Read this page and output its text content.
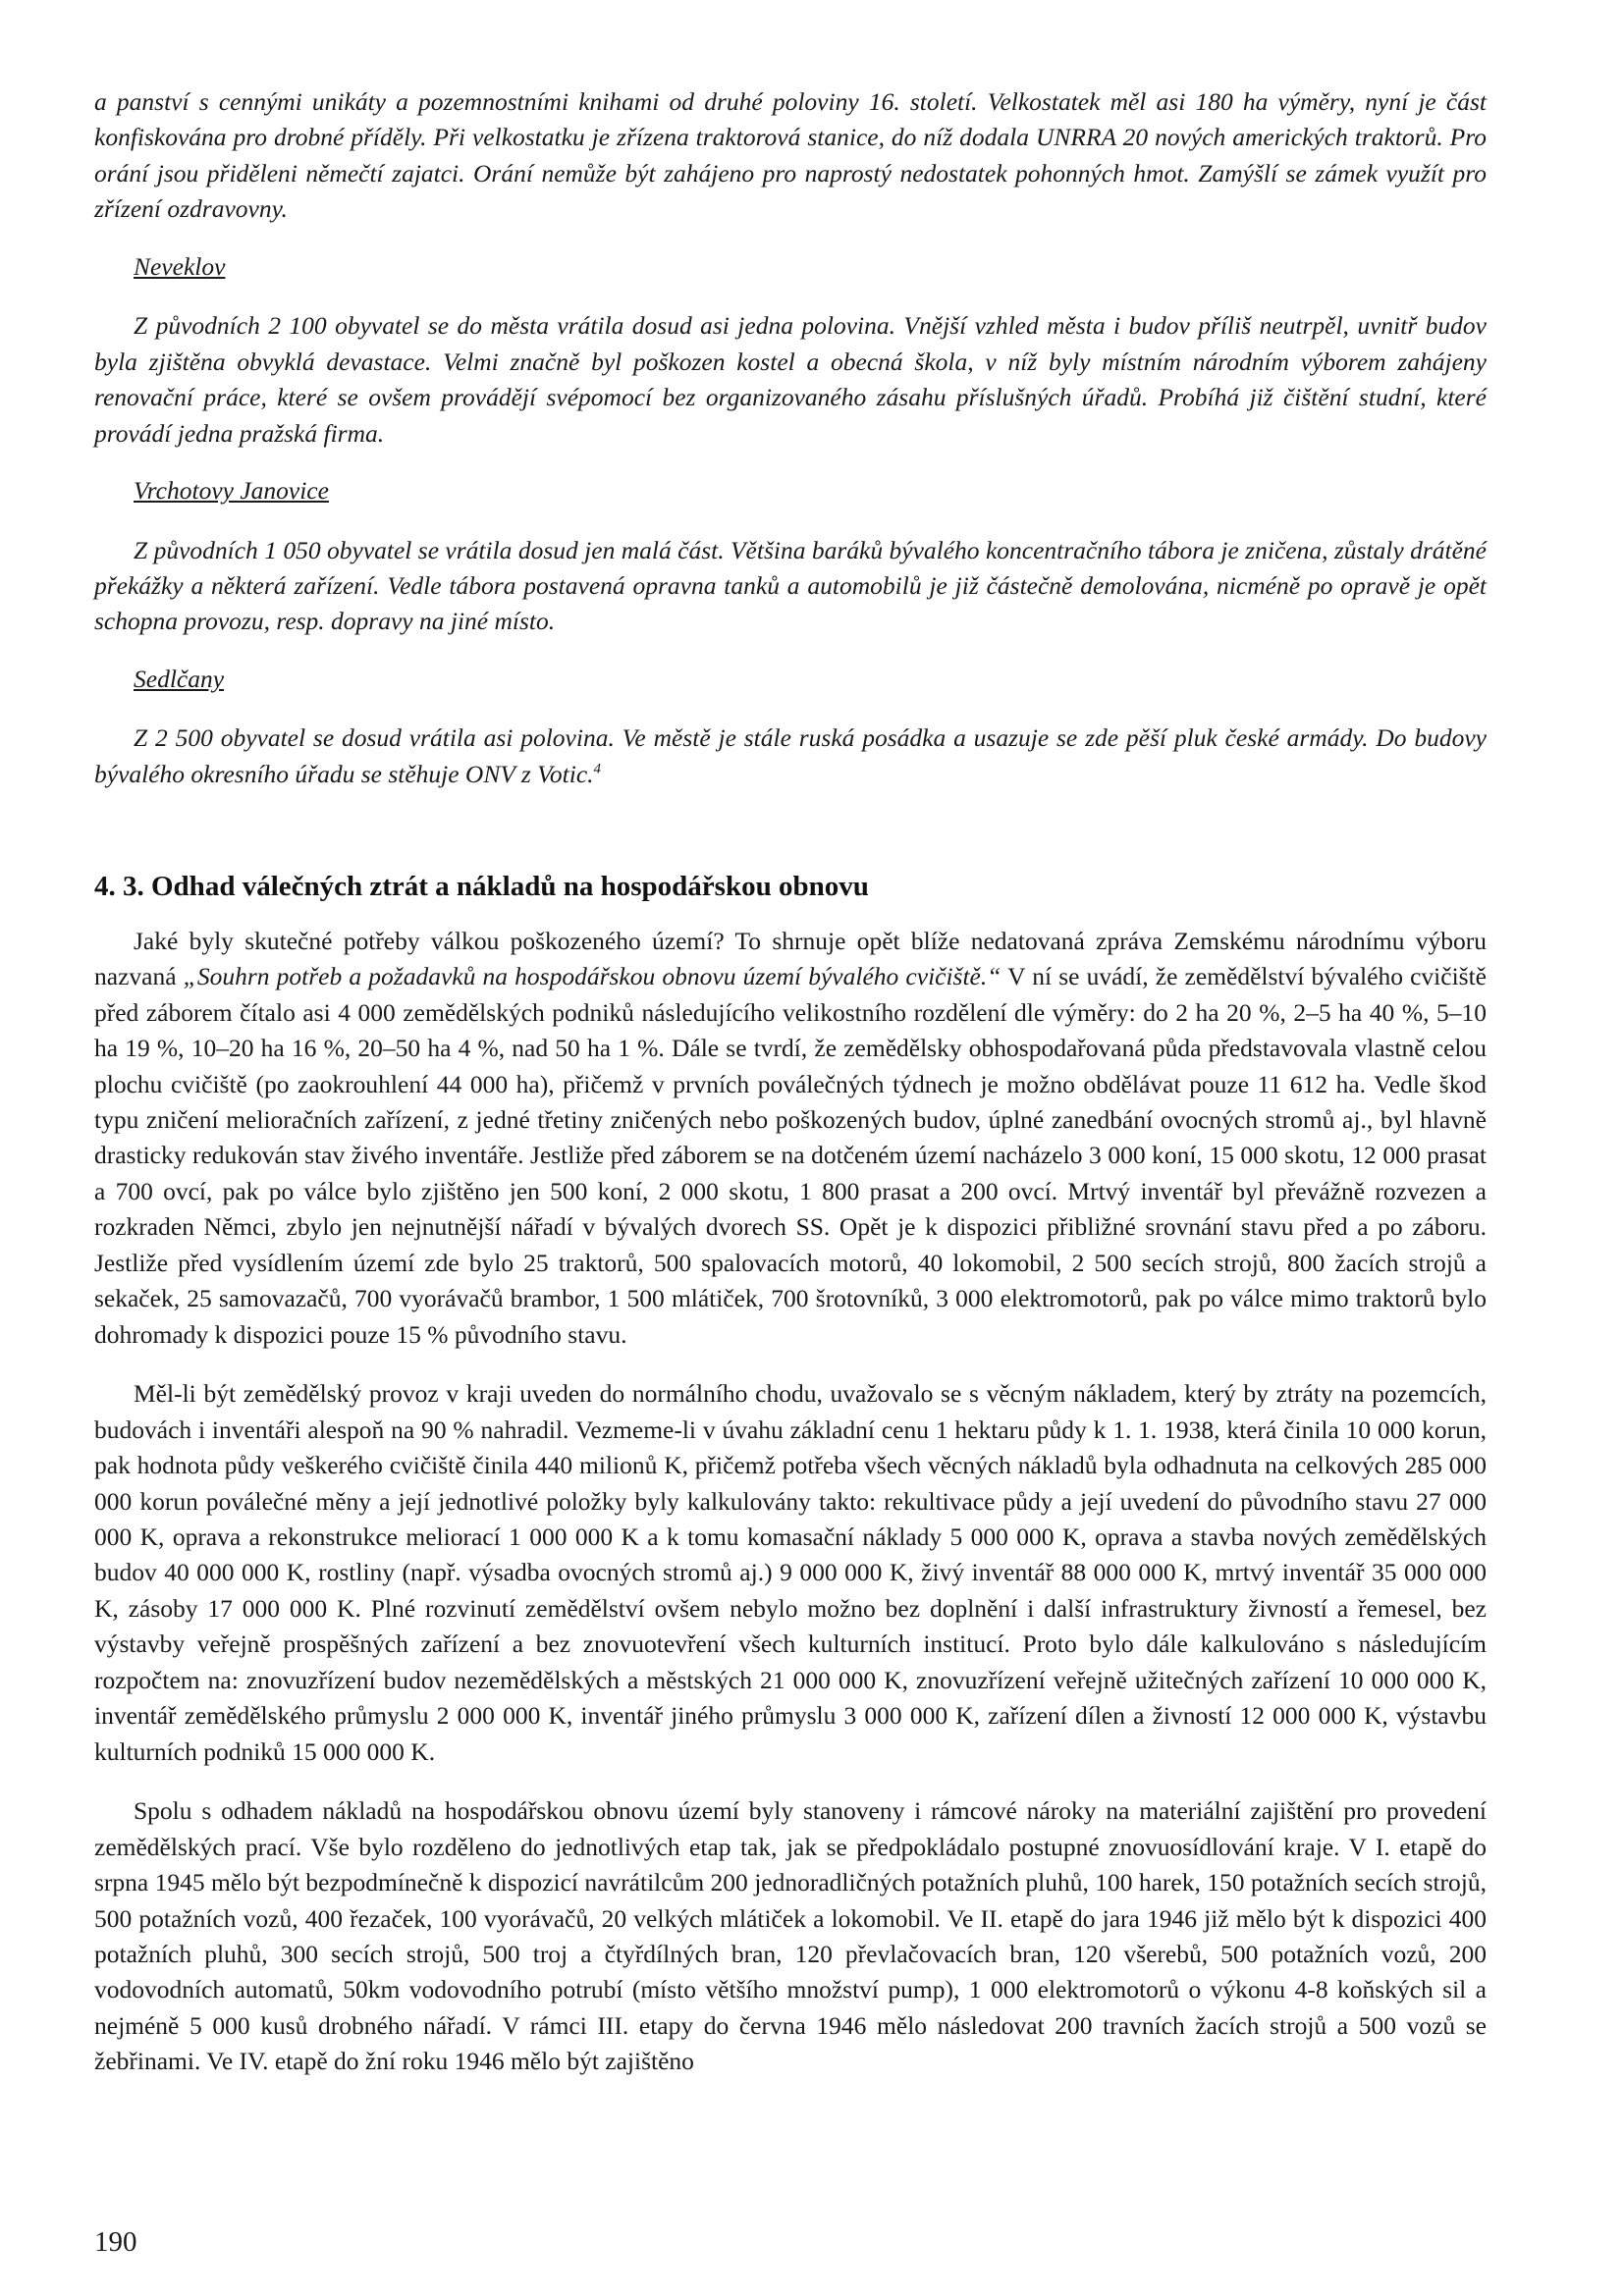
a panství s cennými unikáty a pozemnostními knihami od druhé poloviny 16. století. Velkostatek měl asi 180 ha výměry, nyní je část konfiskována pro drobné příděly. Při velkostatku je zřízena traktorová stanice, do níž dodala UNRRA 20 nových amerických traktorů. Pro orání jsou přiděleni němečtí zajatci. Orání nemůže být zahájeno pro naprostý nedostatek pohonných hmot. Zamýšlí se zámek využít pro zřízení ozdravovny.

Neveklov

Z původních 2 100 obyvatel se do města vrátila dosud asi jedna polovina. Vnější vzhled města i budov příliš neutrpěl, uvnitř budov byla zjištěna obvyklá devastace. Velmi značně byl poškozen kostel a obecná škola, v níž byly místním národním výborem zahájeny renovační práce, které se ovšem provádějí svépomocí bez organizovaného zásahu příslušných úřadů. Probíhá již čištění studní, které provádí jedna pražská firma.

Vrchotovy Janovice

Z původních 1 050 obyvatel se vrátila dosud jen malá část. Většina baráků bývalého koncentračního tábora je zničena, zůstaly drátěné překážky a některá zařízení. Vedle tábora postavená opravna tanků a automobilů je již částečně demolována, nicméně po opravě je opět schopna provozu, resp. dopravy na jiné místo.

Sedlčany

Z 2 500 obyvatel se dosud vrátila asi polovina. Ve městě je stále ruská posádka a usazuje se zde pěší pluk české armády. Do budovy bývalého okresního úřadu se stěhuje ONV z Votic.$^4$

4. 3. Odhad válečných ztrát a nákladů na hospodářskou obnovu

Jaké byly skutečné potřeby válkou poškozeného území? To shrnuje opět blíže nedatovaná zpráva Zemskému národnímu výboru nazvaná „Souhrn potřeb a požadavků na hospodářskou obnovu území bývalého cvičiště.“ V ní se uvádí, že zemědělství bývalého cvičiště před záborem čítalo asi 4 000 zemědělských podniků následujícího velikostního rozdělení dle výměry: do 2 ha 20 %, 2–5 ha 40 %, 5–10 ha 19 %, 10–20 ha 16 %, 20–50 ha 4 %, nad 50 ha 1 %. Dále se tvrdí, že zemědělsky obhospodařovaná půda představovala vlastně celou plochu cvičiště (po zaokrouhlení 44 000 ha), přičemž v prvních poválečných týdnech je možno obdělávat pouze 11 612 ha. Vedle škod typu zničení melioračních zařízení, z jedné třetiny zničených nebo poškozených budov, úplné zanedbání ovocných stromů aj., byl hlavně drasticky redukován stav živého inventáře. Jestliže před záborem se na dotčeném území nacházelo 3 000 koní, 15 000 skotu, 12 000 prasat a 700 ovcí, pak po válce bylo zjištěno jen 500 koní, 2 000 skotu, 1 800 prasat a 200 ovcí. Mrtvý inventář byl převážně rozvezen a rozkraden Němci, zbylo jen nejnutnější nářadí v bývalých dvorech SS. Opět je k dispozici přibližné srovnání stavu před a po záboru. Jestliže před vysídlením území zde bylo 25 traktorů, 500 spalovacích motorů, 40 lokomobil, 2 500 secích strojů, 800 žacích strojů a sekaček, 25 samovazačů, 700 vyorávačů brambor, 1 500 mlátiček, 700 šrotovníků, 3 000 elektromotorů, pak po válce mimo traktorů bylo dohromady k dispozici pouze 15 % původního stavu.

Měl-li být zemědělský provoz v kraji uveden do normálního chodu, uvažovalo se s věcným nákladem, který by ztráty na pozemcích, budovách i inventáři alespoň na 90 % nahradil. Vezmeme-li v úvahu základní cenu 1 hektaru půdy k 1. 1. 1938, která činila 10 000 korun, pak hodnota půdy veškerého cvičiště činila 440 milionů K, přičemž potřeba všech věcných nákladů byla odhadnuta na celkových 285 000 000 korun poválečné měny a její jednotlivé položky byly kalkulovány takto: rekultivace půdy a její uvedení do původního stavu 27 000 000 K, oprava a rekonstrukce meliorací 1 000 000 K a k tomu komasační náklady 5 000 000 K, oprava a stavba nových zemědělských budov 40 000 000 K, rostliny (např. výsadba ovocných stromů aj.) 9 000 000 K, živý inventář 88 000 000 K, mrtvý inventář 35 000 000 K, zásoby 17 000 000 K. Plné rozvinutí zemědělství ovšem nebylo možno bez doplnění i další infrastruktury živností a řemesel, bez výstavby veřejně prospěšných zařízení a bez znovuotevření všech kulturních institucí. Proto bylo dále kalkulováno s následujícím rozpočtem na: znovuzřízení budov nezemědělských a městských 21 000 000 K, znovuzřízení veřejně užitečných zařízení 10 000 000 K, inventář zemědělského průmyslu 2 000 000 K, inventář jiného průmyslu 3 000 000 K, zařízení dílen a živností 12 000 000 K, výstavbu kulturních podniků 15 000 000 K.

Spolu s odhadem nákladů na hospodářskou obnovu území byly stanoveny i rámcové nároky na materiální zajištění pro provedení zemědělských prací. Vše bylo rozděleno do jednotlivých etap tak, jak se předpokládalo postupné znovuosídlování kraje. V I. etapě do srpna 1945 mělo být bezpodmínečně k dispozicí navrátilcům 200 jednoradličných potažních pluhů, 100 harek, 150 potažních secích strojů, 500 potažních vozů, 400 řezaček, 100 vyorávačů, 20 velkých mlátiček a lokomobil. Ve II. etapě do jara 1946 již mělo být k dispozici 400 potažních pluhů, 300 secích strojů, 500 troj a čtyřdílných bran, 120 převlačovacích bran, 120 všerebů, 500 potažních vozů, 200 vodovodních automatů, 50km vodovodního potrubí (místo většího množství pump), 1 000 elektromotorů o výkonu 4-8 koňských sil a nejméně 5 000 kusů drobného nářadí. V rámci III. etapy do června 1946 mělo následovat 200 travních žacích strojů a 500 vozů se žebřinami. Ve IV. etapě do žní roku 1946 mělo být zajištěno

190
